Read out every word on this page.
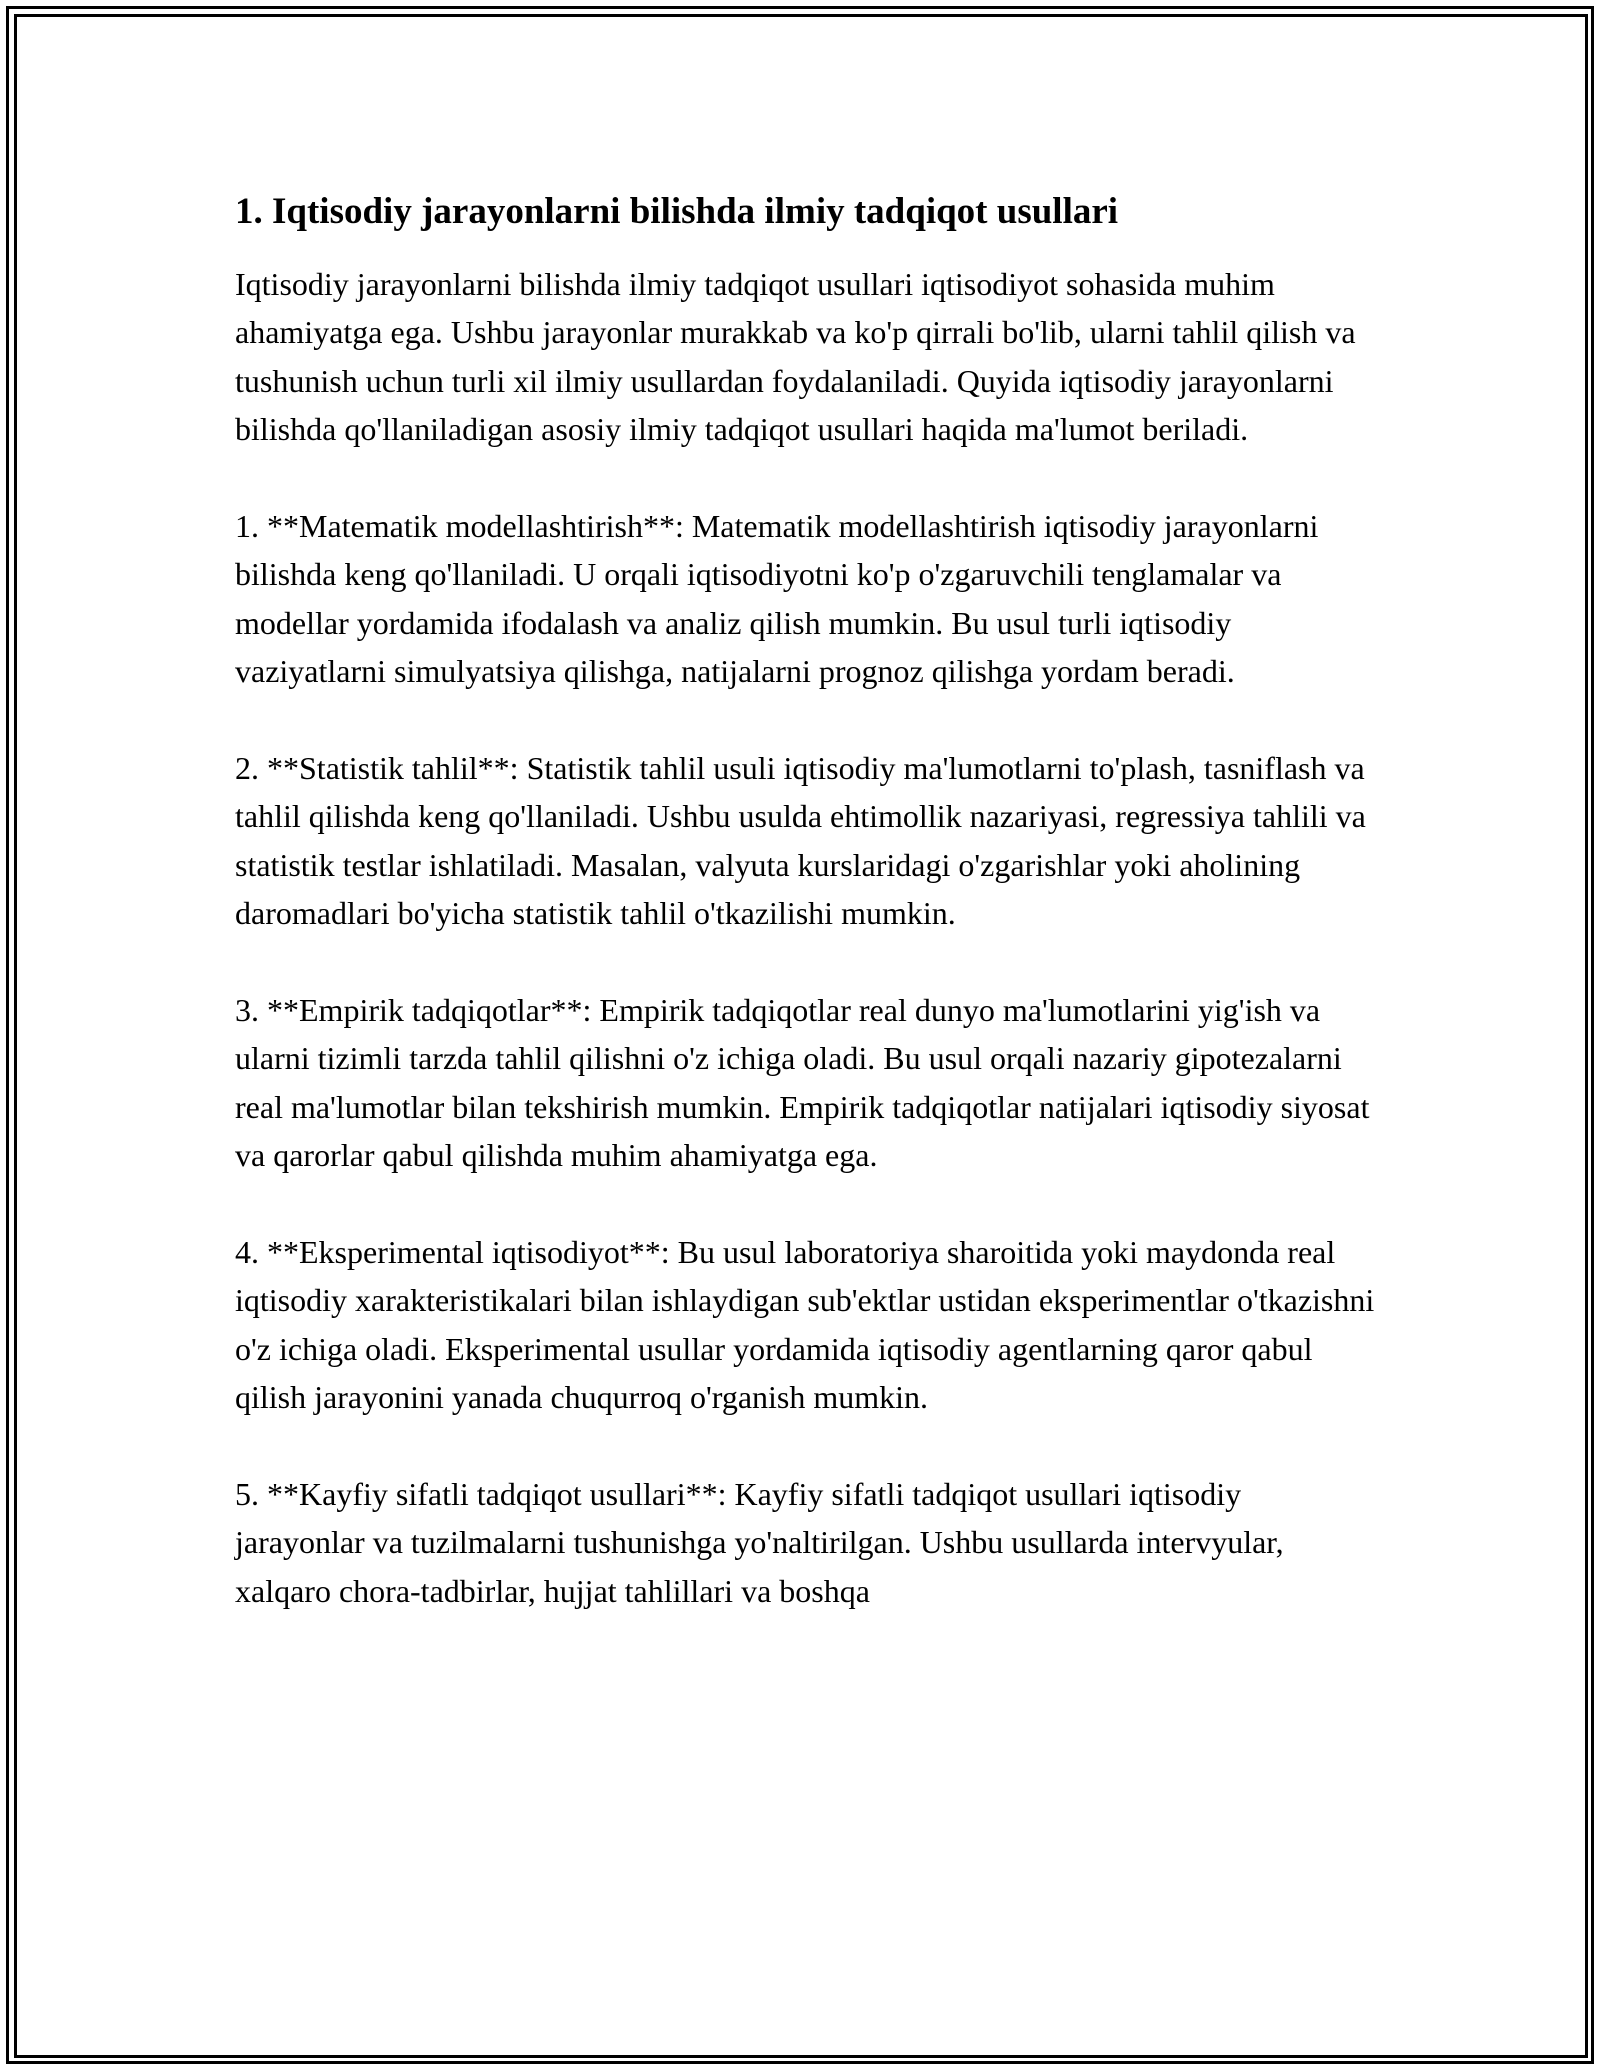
1. Iqtisodiy jarayonlarni bilishda ilmiy tadqiqot usullari

Iqtisodiy jarayonlarni bilishda ilmiy tadqiqot usullari iqtisodiyot sohasida muhim ahamiyatga ega. Ushbu jarayonlar murakkab va ko'p qirrali bo'lib, ularni tahlil qilish va tushunish uchun turli xil ilmiy usullardan foydalaniladi. Quyida iqtisodiy jarayonlarni bilishda qo'llaniladigan asosiy ilmiy tadqiqot usullari haqida ma'lumot beriladi.

1. **Matematik modellashtirish**: Matematik modellashtirish iqtisodiy jarayonlarni bilishda keng qo'llaniladi. U orqali iqtisodiyotni ko'p o'zgaruvchili tenglamalar va modellar yordamida ifodalash va analiz qilish mumkin. Bu usul turli iqtisodiy vaziyatlarni simulyatsiya qilishga, natijalarni prognoz qilishga yordam beradi.

2. **Statistik tahlil**: Statistik tahlil usuli iqtisodiy ma'lumotlarni to'plash, tasniflash va tahlil qilishda keng qo'llaniladi. Ushbu usulda ehtimollik nazariyasi, regressiya tahlili va statistik testlar ishlatiladi. Masalan, valyuta kurslaridagi o'zgarishlar yoki aholining daromadlari bo'yicha statistik tahlil o'tkazilishi mumkin.

3. **Empirik tadqiqotlar**: Empirik tadqiqotlar real dunyo ma'lumotlarini yig'ish va ularni tizimli tarzda tahlil qilishni o'z ichiga oladi. Bu usul orqali nazariy gipotezalarni real ma'lumotlar bilan tekshirish mumkin. Empirik tadqiqotlar natijalari iqtisodiy siyosat va qarorlar qabul qilishda muhim ahamiyatga ega.

4. **Eksperimental iqtisodiyot**: Bu usul laboratoriya sharoitida yoki maydonda real iqtisodiy xarakteristikalari bilan ishlaydigan sub'ektlar ustidan eksperimentlar o'tkazishni o'z ichiga oladi. Eksperimental usullar yordamida iqtisodiy agentlarning qaror qabul qilish jarayonini yanada chuqurroq o'rganish mumkin.

5. **Kayfiy sifatli tadqiqot usullari**: Kayfiy sifatli tadqiqot usullari iqtisodiy jarayonlar va tuzilmalarni tushunishga yo'naltirilgan. Ushbu usullarda intervyular, xalqaro chora-tadbirlar, hujjat tahlillari va boshqa
